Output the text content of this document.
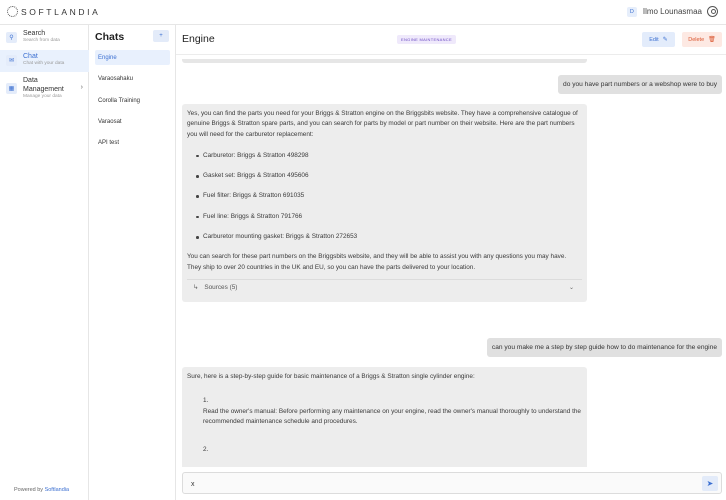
SOFTLANDIA	D	Ilmo Lounasmaa
⚲
Search
Search from data
✉
Chat
Chat with your data
▦
Data Management
Manage your data
›
Powered by Softlandia
Chats	+
Engine
Varaosahaku
Corolla Training
Varaosat
API test
Engine	ENGINE MAINTENANCE	Edit ✎	Delete 🗑
do you have part numbers or a webshop were to buy
Yes, you can find the parts you need for your Briggs & Stratton engine on the Briggsbits website. They have a comprehensive catalogue of genuine Briggs & Stratton spare parts, and you can search for parts by model or part number on their website. Here are the part numbers you will need for the carburetor replacement:
Carburetor: Briggs & Stratton 498298
Gasket set: Briggs & Stratton 495606
Fuel filter: Briggs & Stratton 691035
Fuel line: Briggs & Stratton 791766
Carburetor mounting gasket: Briggs & Stratton 272653
You can search for these part numbers on the Briggsbits website, and they will be able to assist you with any questions you may have. They ship to over 20 countries in the UK and EU, so you can have the parts delivered to your location.
↳ Sources (5)	⌄
can you make me a step by step guide how to do maintenance for the engine
Sure, here is a step-by-step guide for basic maintenance of a Briggs & Stratton single cylinder engine:
1.
Read the owner's manual: Before performing any maintenance on your engine, read the owner's manual thoroughly to understand the recommended maintenance schedule and procedures.
2.
x
➤
